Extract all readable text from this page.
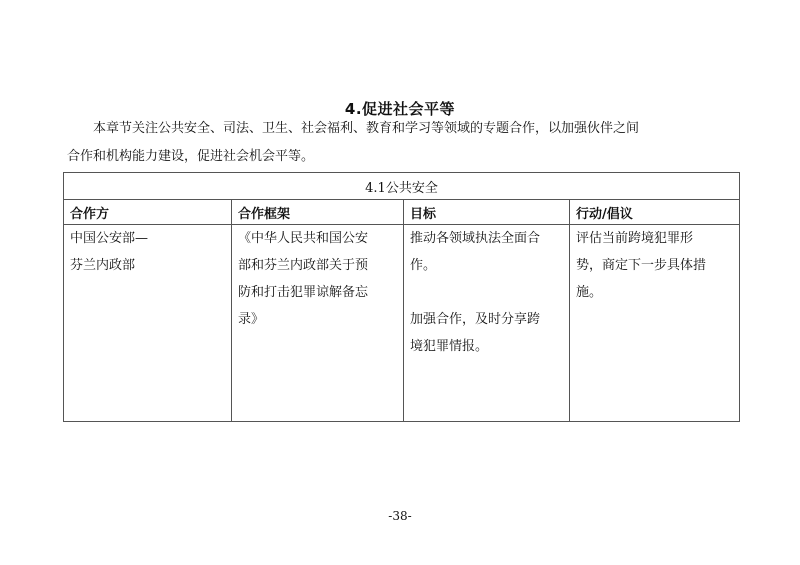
4.促进社会平等

本章节关注公共安全、司法、卫生、社会福利、教育和学习等领域的专题合作，以加强伙伴之间
合作和机构能力建设，促进社会机会平等。

4.1公共安全			
合作方	合作框架	目标	行动/倡议

中国公安部—
芬兰内政部	《中华人民共和国公安
部和芬兰内政部关于预
防和打击犯罪谅解备忘
录》	推动各领域执法全面合
作。
加强合作，及时分享跨
境犯罪情报。	评估当前跨境犯罪形
势，商定下一步具体措
施。
-38-
